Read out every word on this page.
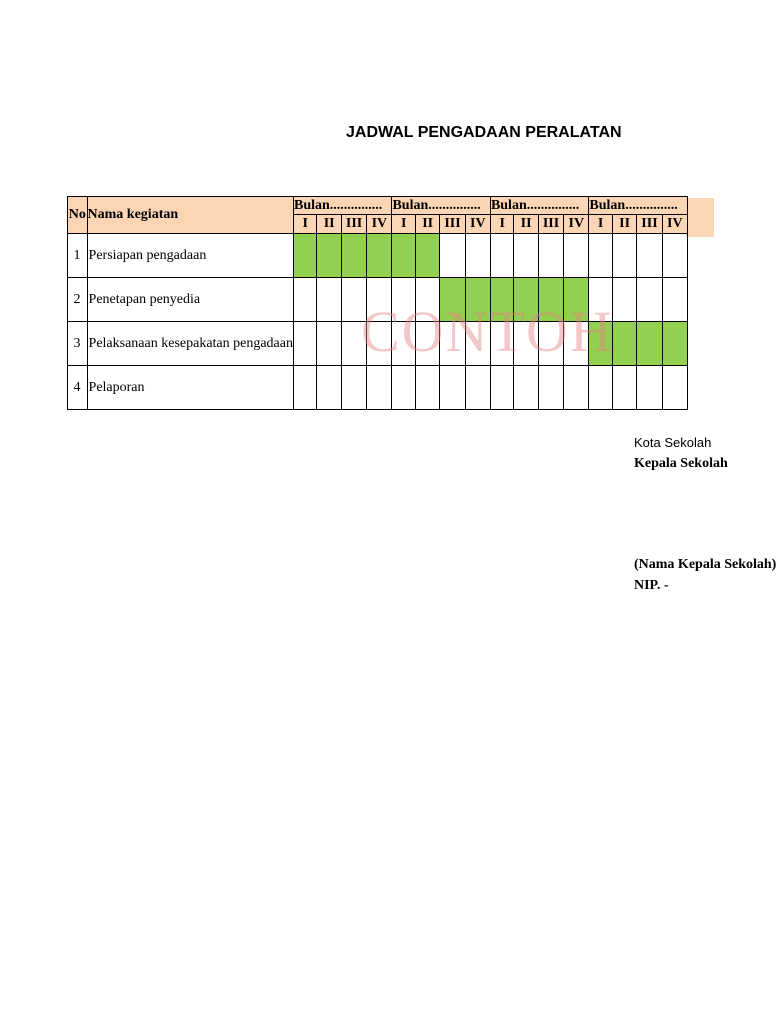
JADWAL PENGADAAN PERALATAN
No	Nama kegiatan	Bulan...............				Bulan...............				Bulan...............				Bulan...............			
		I	II	III	IV	I	II	III	IV	I	II	III	IV	I	II	III	IV
1	Persiapan pengadaan																
2	Penetapan penyedia																
3	Pelaksanaan kesepakatan pengadaan																
4	Pelaporan																
CONTOH
Kota Sekolah
Kepala Sekolah
(Nama Kepala Sekolah)
NIP. -
